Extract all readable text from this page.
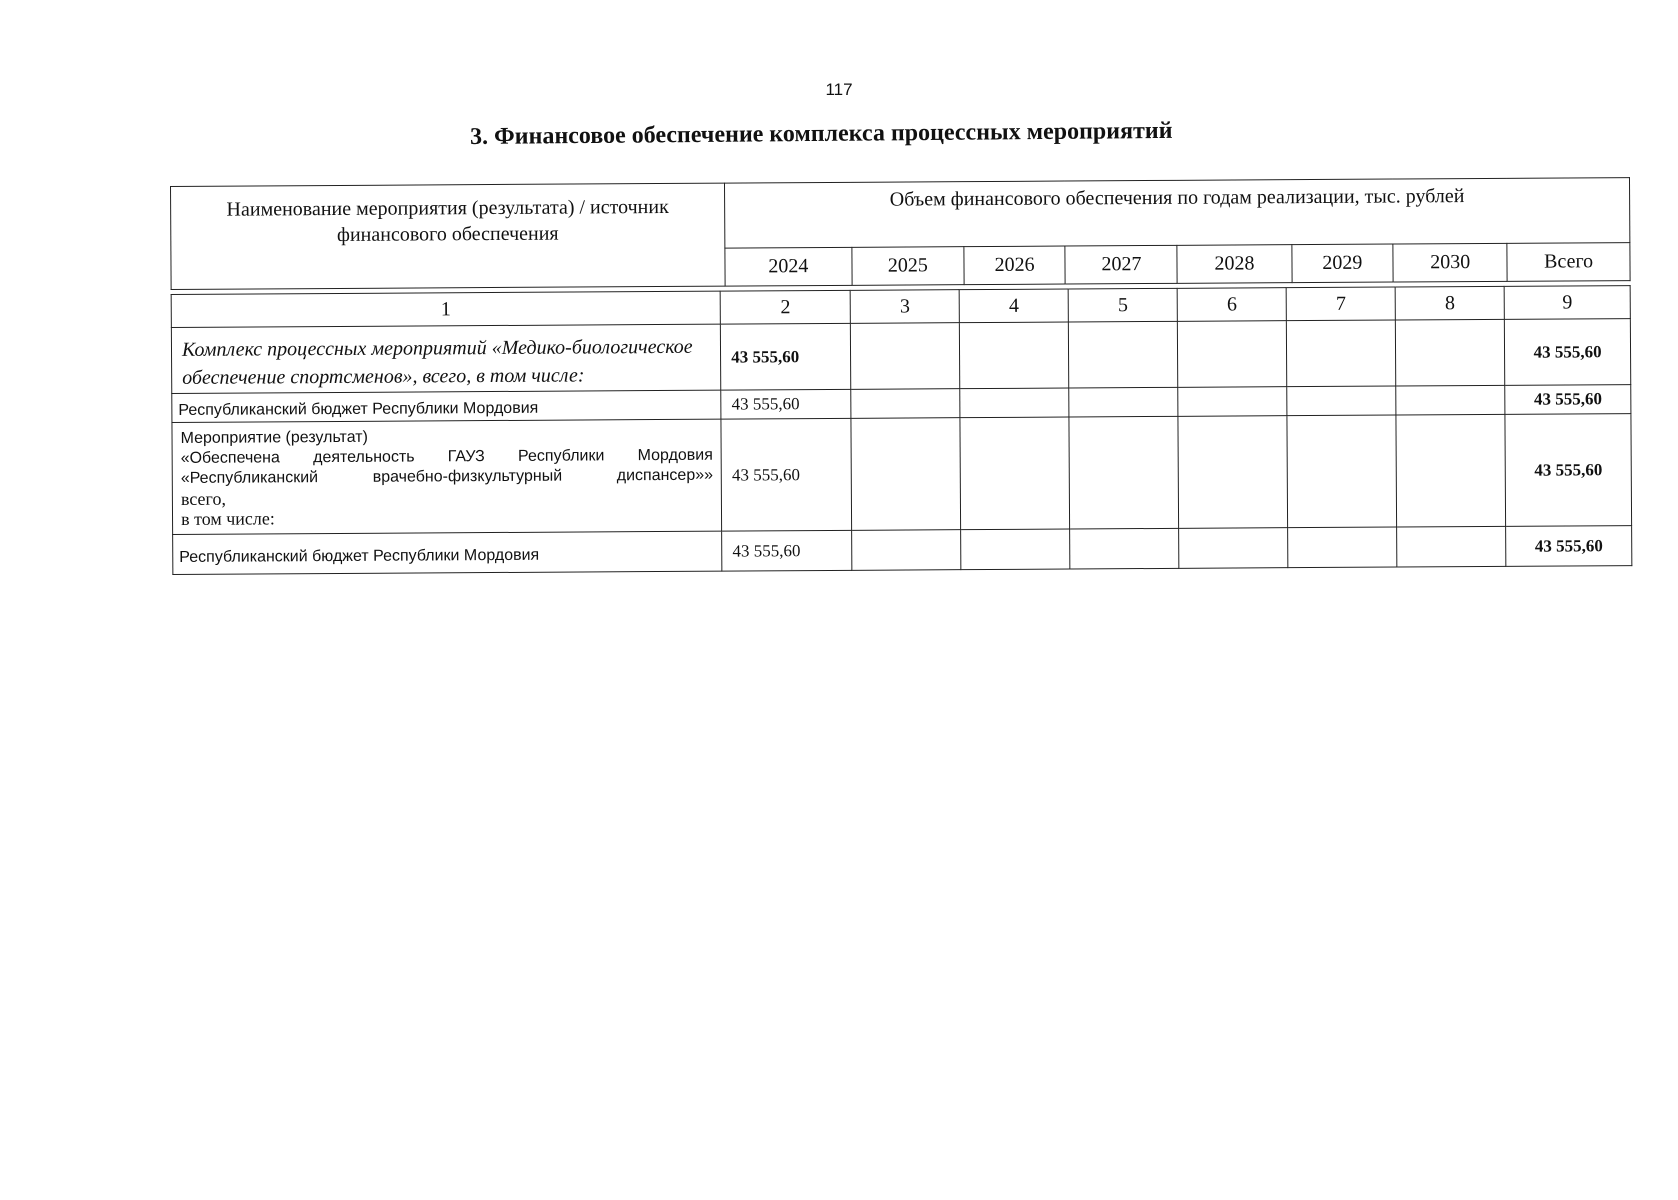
117
3. Финансовое обеспечение комплекса процессных мероприятий
Наименование мероприятия (результата) / источник финансового обеспечения	Объем финансового обеспечения по годам реализации, тыс. рублей							
	2024	2025	2026	2027	2028	2029	2030	Всего
1	2	3	4	5	6	7	8	9
Комплекс процессных мероприятий «Медико-биологическое обеспечение спортсменов», всего, в том числе:	43 555,60							43 555,60
Республиканский бюджет Республики Мордовия	43 555,60							43 555,60

Мероприятие (результат)
«Обеспечена деятельность ГАУЗ Республики Мордовия
«Республиканский врачебно-физкультурный диспансер»»
всего,
в том числе:	43 555,60							43 555,60
Республиканский бюджет Республики Мордовия	43 555,60							43 555,60
